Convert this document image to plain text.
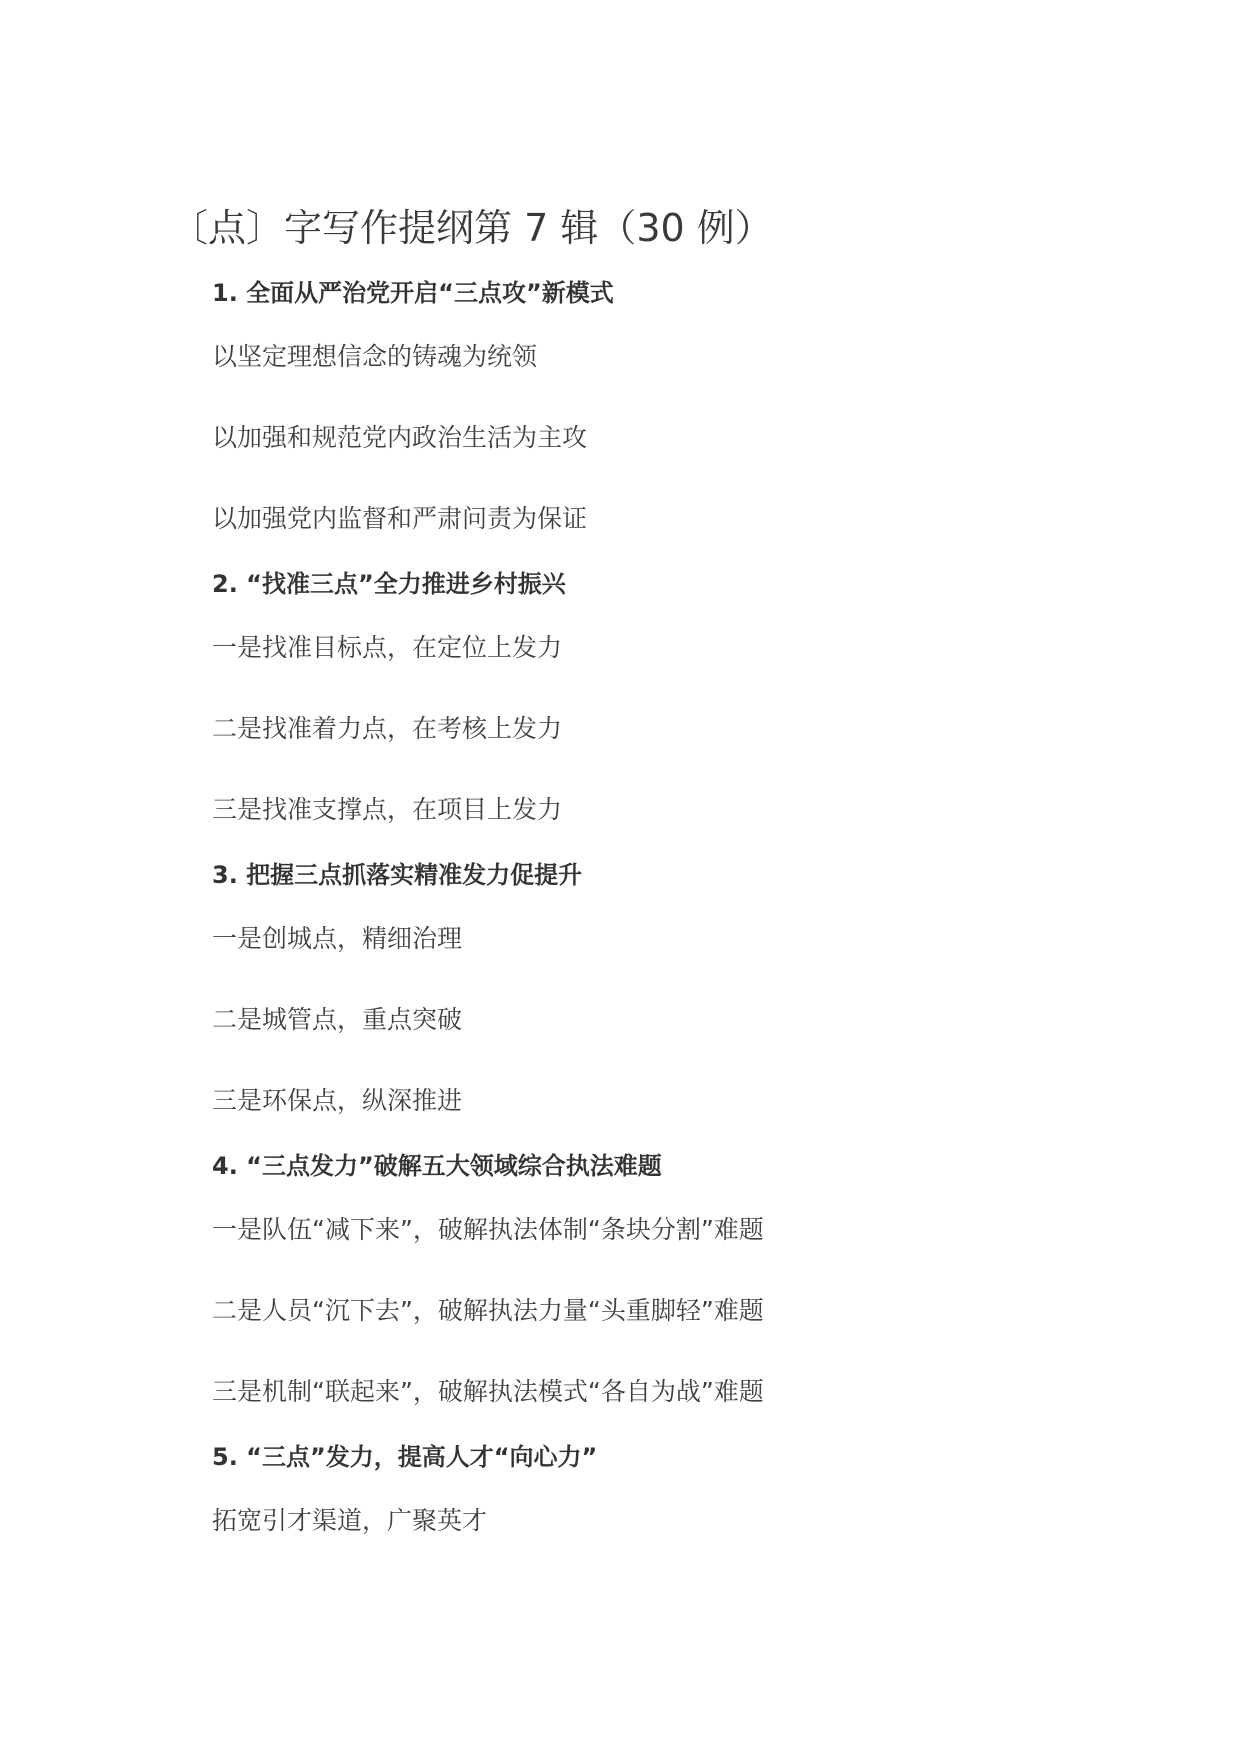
〔点〕字写作提纲第 7 辑（30 例）

1. 全面从严治党开启“三点攻”新模式

以坚定理想信念的铸魂为统领

以加强和规范党内政治生活为主攻

以加强党内监督和严肃问责为保证

2. “找准三点”全力推进乡村振兴

一是找准目标点，在定位上发力

二是找准着力点，在考核上发力

三是找准支撑点，在项目上发力

3. 把握三点抓落实精准发力促提升

一是创城点，精细治理

二是城管点，重点突破

三是环保点，纵深推进

4. “三点发力”破解五大领域综合执法难题

一是队伍“减下来”，破解执法体制“条块分割”难题

二是人员“沉下去”，破解执法力量“头重脚轻”难题

三是机制“联起来”，破解执法模式“各自为战”难题

5. “三点”发力，提高人才“向心力”

拓宽引才渠道，广聚英才
